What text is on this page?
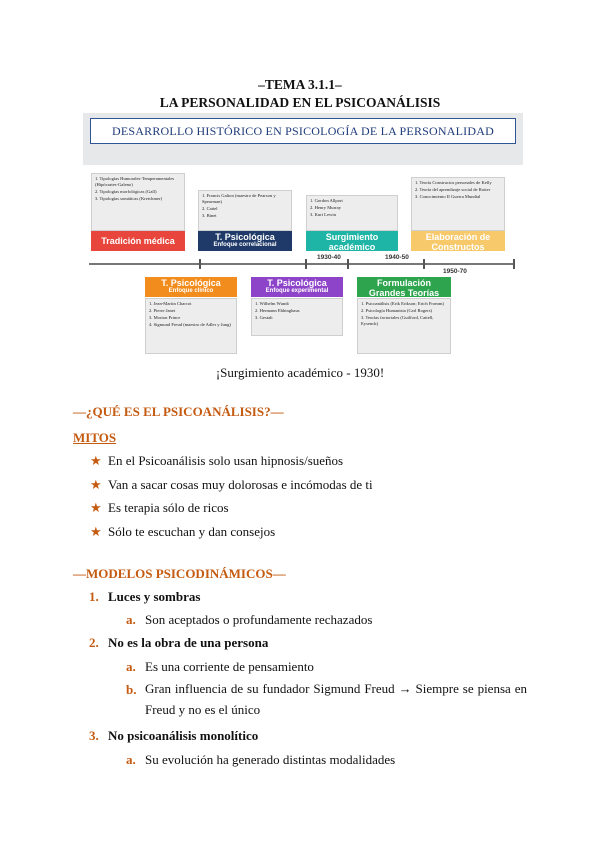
–TEMA 3.1.1–
LA PERSONALIDAD EN EL PSICOANÁLISIS
DESARROLLO HISTÓRICO EN PSICOLOGÍA DE LA PERSONALIDAD
1. Tipologías Humorales-Temperamentales (Hipócrates-Galeno)
2. Tipologías morfológicas (Gall)
3. Tipologías somáticas (Kretchmer)
1. Francis Galton (maestro de Pearson y Spearman)
2. Cattel
3. Binet
1. Gordon Allport
2. Henry Murray
3. Kurt Lewin
1. Teoría Constructos personales de Kelly
2. Teoría del aprendizaje social de Rotter
3. Conocimiento II Guerra Mundial
Tradición médica	T. Psicológica
Enfoque correlacional
Surgimiento
académico
Elaboración de
Constructos
1930-40	1940-50
1950-70
T. Psicológica
Enfoque clínico
T. Psicológica
Enfoque experimental
Formulación
Grandes Teorías
1. Jean-Martin Charcot
2. Pierre Janet
3. Morton Prince
4. Sigmund Freud (maestro de Adler y Jung)
1. Wilhelm Wundt
2. Hermann Ebbinghaus
3. Gestalt
1. Psicoanálisis (Erik Erikson; Erich Fromm)
2. Psicología Humanista (Carl Rogers)
3. Teorías factoriales (Guilford, Cattell, Eysenck)
¡Surgimiento académico - 1930!
—¿QUÉ ES EL PSICOANÁLISIS?—
MITOS
★ En el Psicoanálisis solo usan hipnosis/sueños
★ Van a sacar cosas muy dolorosas e incómodas de ti
★ Es terapia sólo de ricos
★ Sólo te escuchan y dan consejos
—MODELOS PSICODINÁMICOS—
1. Luces y sombras
a. Son aceptados o profundamente rechazados
2. No es la obra de una persona
a. Es una corriente de pensamiento
b. Gran influencia de su fundador Sigmund Freud → Siempre se piensa en Freud y no es el único
3. No psicoanálisis monolítico
a. Su evolución ha generado distintas modalidades
